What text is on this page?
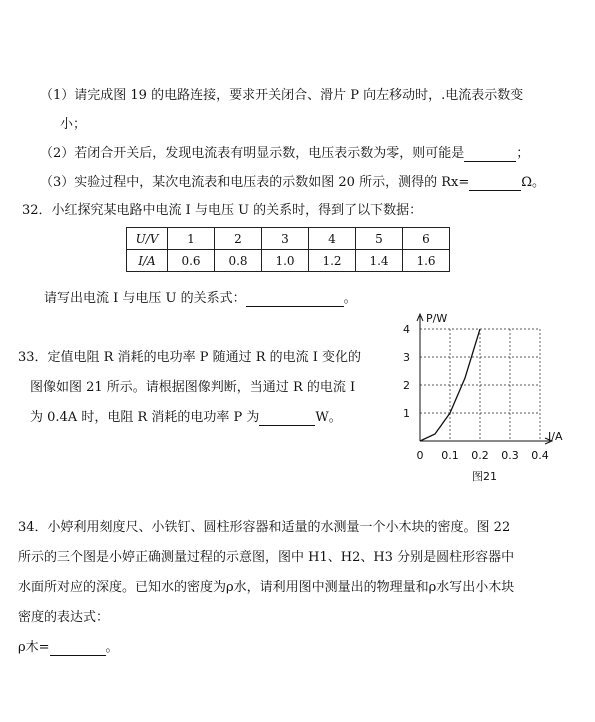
（1）请完成图 19 的电路连接，要求开关闭合、滑片 P 向左移动时，.电流表示数变
小；
（2）若闭合开关后，发现电流表有明显示数，电压表示数为零，则可能是	；
（3）实验过程中，某次电流表和电压表的示数如图 20 所示，测得的 Rx=	Ω。
32．小红探究某电路中电流 I 与电压 U 的关系时，得到了以下数据：
U/V	1	2	3	4	5	6
I/A	0.6	0.8	1.0	1.2	1.4	1.6
请写出电流 I 与电压 U 的关系式：	。
33．定值电阻 R 消耗的电功率 P 随通过 R 的电流 I 变化的
图像如图 21 所示。请根据图像判断，当通过 R 的电流 I
为 0.4A 时，电阻 R 消耗的电功率 P 为	W。
0 0.1 0.2 0.3 0.4
1
2
3
4
P/W
I/A
图21
34．小婷利用刻度尺、小铁钉、圆柱形容器和适量的水测量一个小木块的密度。图 22
所示的三个图是小婷正确测量过程的示意图，图中 H1、H2、H3 分别是圆柱形容器中
水面所对应的深度。已知水的密度为ρ水，请利用图中测量出的物理量和ρ水写出小木块
密度的表达式：
ρ木=	。
